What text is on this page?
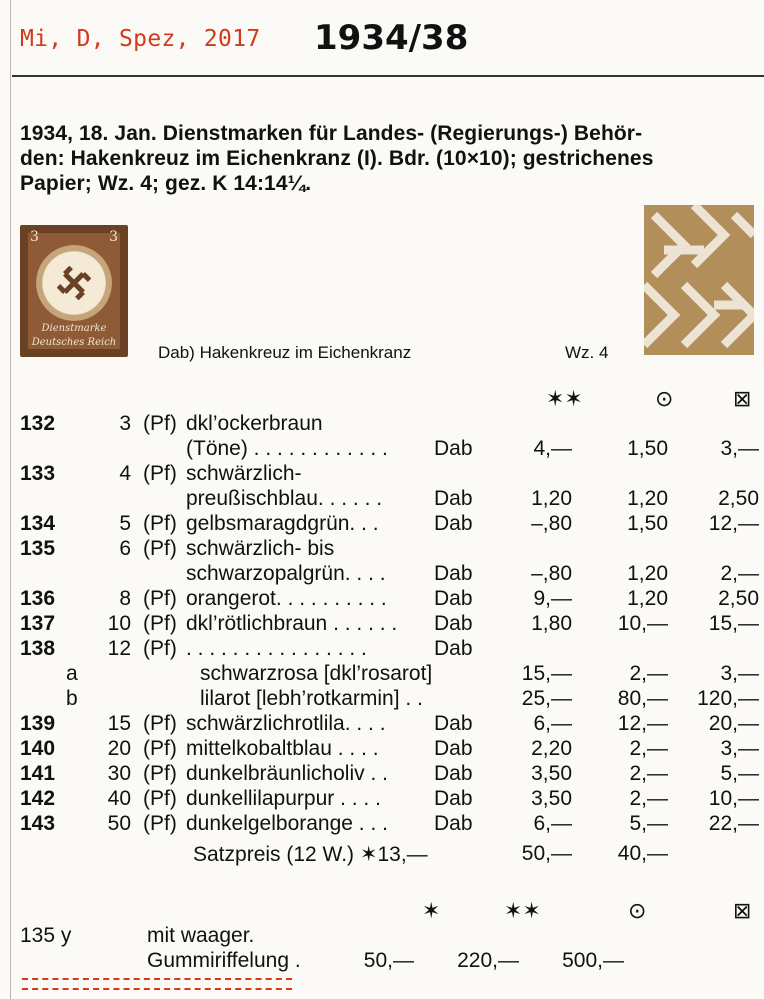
Mi, D, Spez, 2017 1934/38
1934, 18. Jan. Dienstmarken für Landes- (Regierungs-) Behör-
den: Hakenkreuz im Eichenkranz (I). Bdr. (10×10); gestrichenes
Papier; Wz. 4; gez. K 14:14¼.
3	3
Dienstmarke
Deutsches Reich
Dab) Hakenkreuz im Eichenkranz	Wz. 4
✶✶	⊙	⊠
132	3 (Pf) dkl’ockerbraun
(Töne) . . . . . . . . . . . . Dab	4,—	1,50 3,—
133	4 (Pf) schwärzlich-
preußischblau. . . . . . Dab	1,20	1,20 2,50
134	5 (Pf) gelbsmaragdgrün. . .	Dab	–,80	1,50 12,—
135	6 (Pf) schwärzlich- bis
schwarzopalgrün. . . . Dab	–,80	1,20 2,—
136	8 (Pf) orangerot. . . . . . . . . . Dab	9,—	1,20 2,50
137	10 (Pf) dkl’rötlichbraun . . . . . . Dab	1,80 10,— 15,—
138	12 (Pf) . . . . . . . . . . . . . . . .	Dab
a	schwarzrosa [dkl’rosarot]	15,—	2,— 3,—
b	lilarot [lebh’rotkarmin] . .	25,— 80,— 120,—
139	15 (Pf) schwärzlichrotlila. . . . Dab	6,— 12,— 20,—
140	20 (Pf) mittelkobaltblau . . . .	Dab	2,20	2,— 3,—
141	30 (Pf) dunkelbräunlicholiv . . Dab	3,50	2,— 5,—
142	40 (Pf) dunkellilapurpur . . . .	Dab	3,50	2,— 10,—
143	50 (Pf) dunkelgelborange . . . Dab	6,—	5,— 22,—
Satzpreis (12 W.) ✶13,—	50,— 40,—
✶	✶✶	⊙	⊠
135 y	mit waager.
Gummiriffelung .	50,— 220,— 500,—
